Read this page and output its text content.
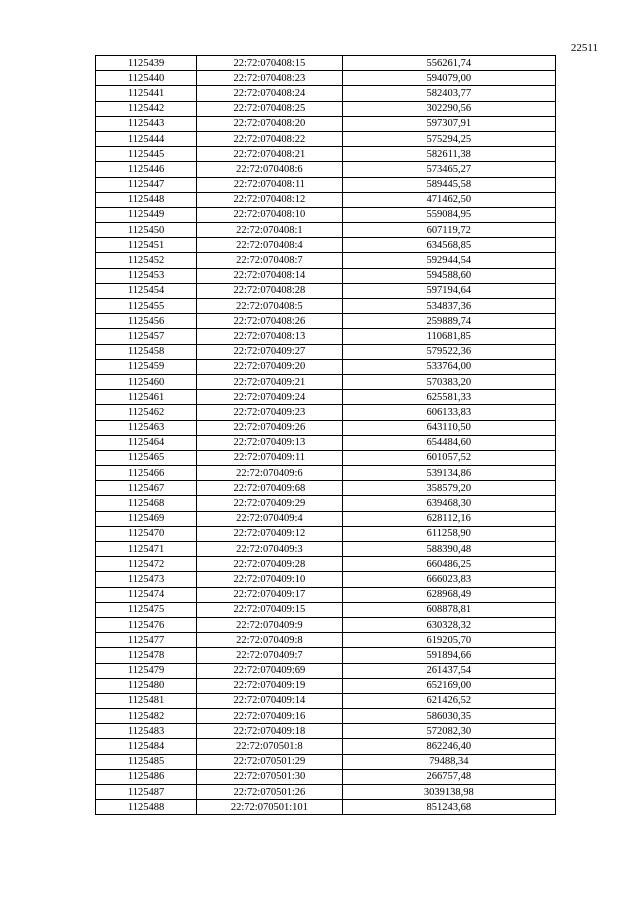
22511
1125439	22:72:070408:15	556261,74
1125440	22:72:070408:23	594079,00
1125441	22:72:070408:24	582403,77
1125442	22:72:070408:25	302290,56
1125443	22:72:070408:20	597307,91
1125444	22:72:070408:22	575294,25
1125445	22:72:070408:21	582611,38
1125446	22:72:070408:6	573465,27
1125447	22:72:070408:11	589445,58
1125448	22:72:070408:12	471462,50
1125449	22:72:070408:10	559084,95
1125450	22:72:070408:1	607119,72
1125451	22:72:070408:4	634568,85
1125452	22:72:070408:7	592944,54
1125453	22:72:070408:14	594588,60
1125454	22:72:070408:28	597194,64
1125455	22:72:070408:5	534837,36
1125456	22:72:070408:26	259889,74
1125457	22:72:070408:13	110681,85
1125458	22:72:070409:27	579522,36
1125459	22:72:070409:20	533764,00
1125460	22:72:070409:21	570383,20
1125461	22:72:070409:24	625581,33
1125462	22:72:070409:23	606133,83
1125463	22:72:070409:26	643110,50
1125464	22:72:070409:13	654484,60
1125465	22:72:070409:11	601057,52
1125466	22:72:070409:6	539134,86
1125467	22:72:070409:68	358579,20
1125468	22:72:070409:29	639468,30
1125469	22:72:070409:4	628112,16
1125470	22:72:070409:12	611258,90
1125471	22:72:070409:3	588390,48
1125472	22:72:070409:28	660486,25
1125473	22:72:070409:10	666023,83
1125474	22:72:070409:17	628968,49
1125475	22:72:070409:15	608878,81
1125476	22:72:070409:9	630328,32
1125477	22:72:070409:8	619205,70
1125478	22:72:070409:7	591894,66
1125479	22:72:070409:69	261437,54
1125480	22:72:070409:19	652169,00
1125481	22:72:070409:14	621426,52
1125482	22:72:070409:16	586030,35
1125483	22:72:070409:18	572082,30
1125484	22:72:070501:8	862246,40
1125485	22:72:070501:29	79488,34
1125486	22:72:070501:30	266757,48
1125487	22:72:070501:26	3039138,98
1125488	22:72:070501:101	851243,68
